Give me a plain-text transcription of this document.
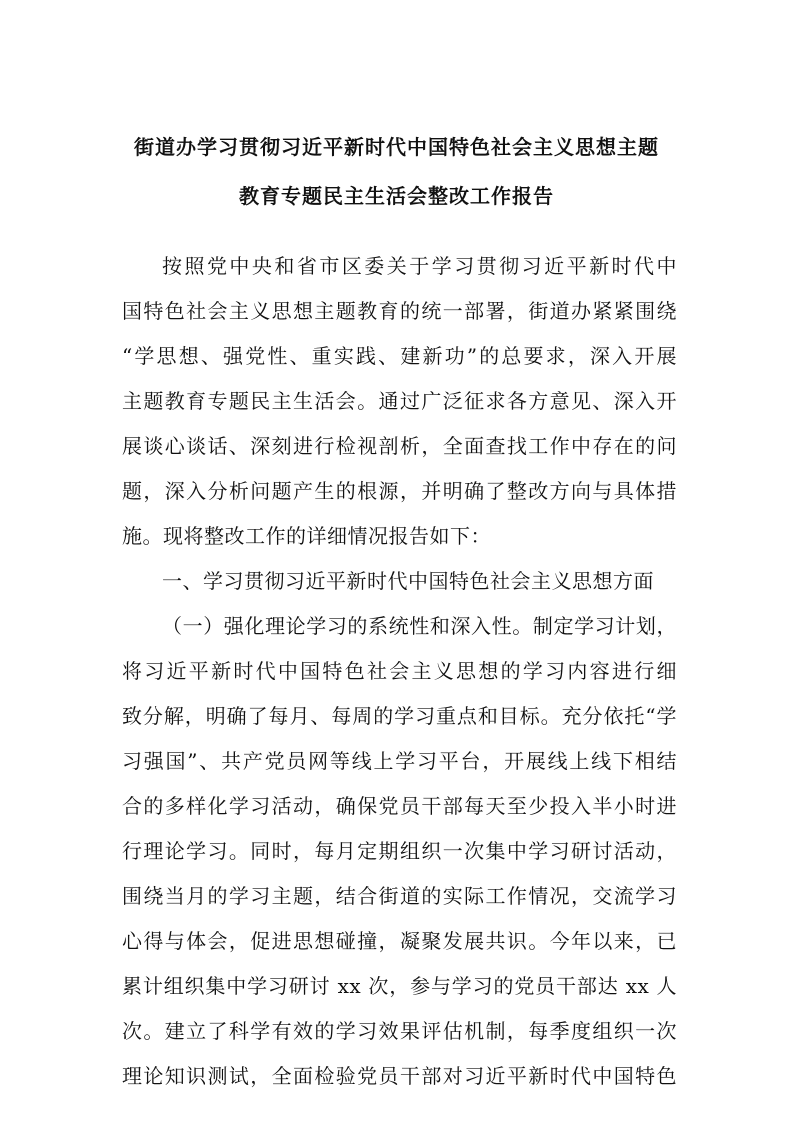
街道办学习贯彻习近平新时代中国特色社会主义思想主题
教育专题民主生活会整改工作报告
按照党中央和省市区委关于学习贯彻习近平新时代中
国特色社会主义思想主题教育的统一部署，街道办紧紧围绕
“学思想、强党性、重实践、建新功”的总要求，深入开展
主题教育专题民主生活会。通过广泛征求各方意见、深入开
展谈心谈话、深刻进行检视剖析，全面查找工作中存在的问
题，深入分析问题产生的根源，并明确了整改方向与具体措
施。现将整改工作的详细情况报告如下：
一、学习贯彻习近平新时代中国特色社会主义思想方面
（一）强化理论学习的系统性和深入性。制定学习计划，
将习近平新时代中国特色社会主义思想的学习内容进行细
致分解，明确了每月、每周的学习重点和目标。充分依托“学
习强国”、共产党员网等线上学习平台，开展线上线下相结
合的多样化学习活动，确保党员干部每天至少投入半小时进
行理论学习。同时，每月定期组织一次集中学习研讨活动，
围绕当月的学习主题，结合街道的实际工作情况，交流学习
心得与体会，促进思想碰撞，凝聚发展共识。今年以来，已
累计组织集中学习研讨 xx 次，参与学习的党员干部达 xx 人
次。建立了科学有效的学习效果评估机制，每季度组织一次
理论知识测试，全面检验党员干部对习近平新时代中国特色
